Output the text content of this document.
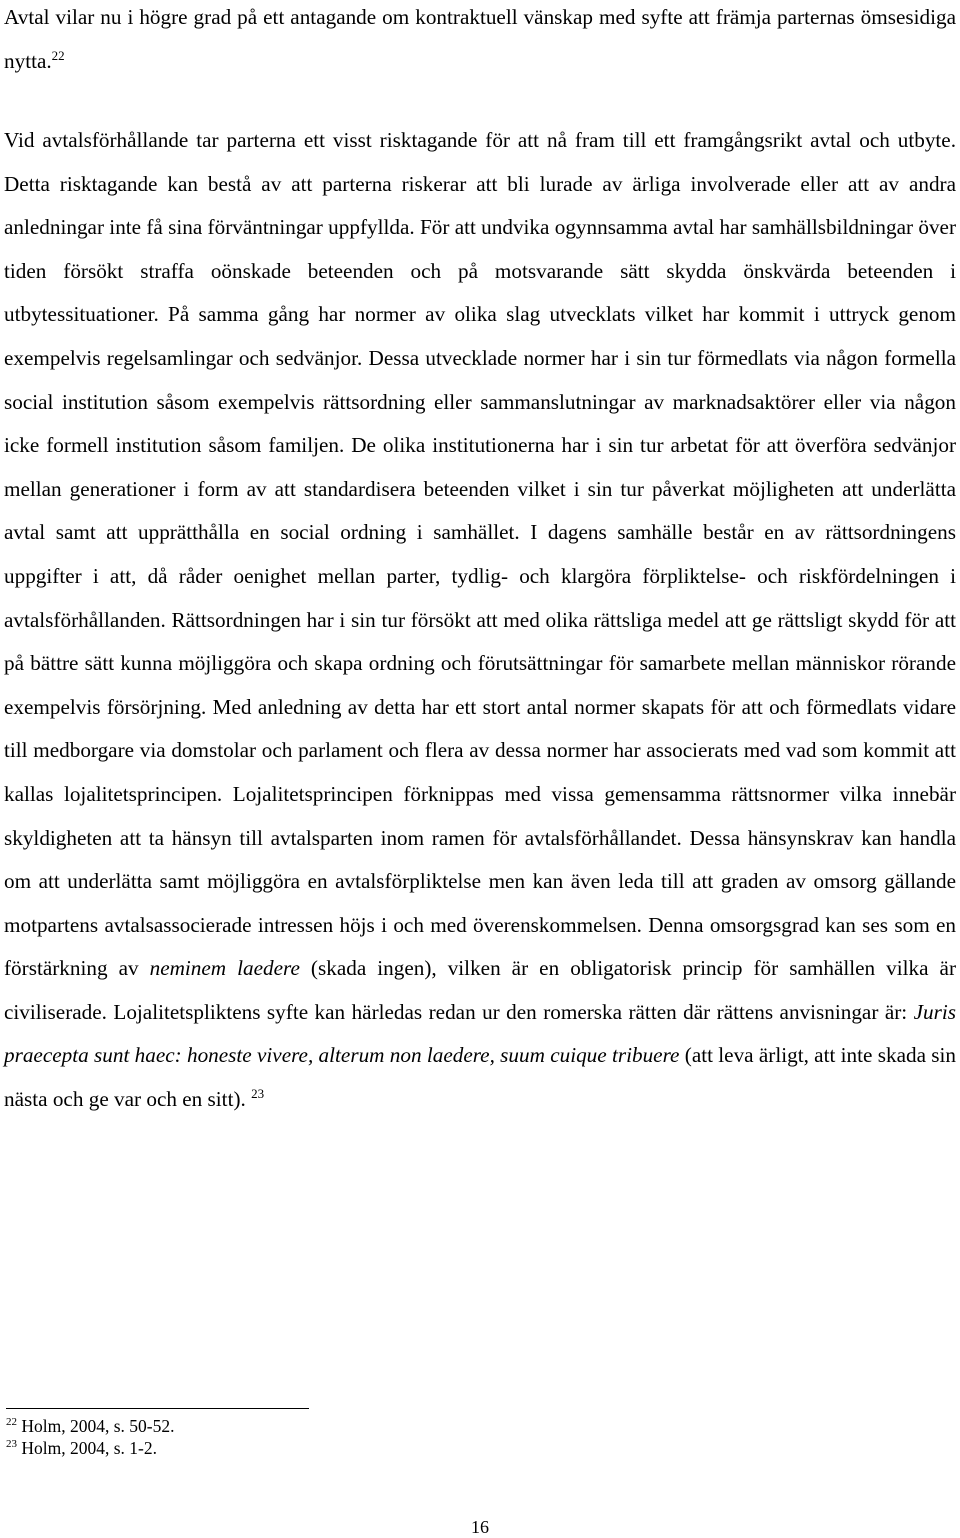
Avtal vilar nu i högre grad på ett antagande om kontraktuell vänskap med syfte att främja parternas ömsesidiga nytta.$^{22}$

Vid avtalsförhållande tar parterna ett visst risktagande för att nå fram till ett framgångsrikt avtal och utbyte. Detta risktagande kan bestå av att parterna riskerar att bli lurade av ärliga involverade eller att av andra anledningar inte få sina förväntningar uppfyllda. För att undvika ogynnsamma avtal har samhällsbildningar över tiden försökt straffa oönskade beteenden och på motsvarande sätt skydda önskvärda beteenden i utbytessituationer. På samma gång har normer av olika slag utvecklats vilket har kommit i uttryck genom exempelvis regelsamlingar och sedvänjor. Dessa utvecklade normer har i sin tur förmedlats via någon formella social institution såsom exempelvis rättsordning eller sammanslutningar av marknadsaktörer eller via någon icke formell institution såsom familjen. De olika institutionerna har i sin tur arbetat för att överföra sedvänjor mellan generationer i form av att standardisera beteenden vilket i sin tur påverkat möjligheten att underlätta avtal samt att upprätthålla en social ordning i samhället. I dagens samhälle består en av rättsordningens uppgifter i att, då råder oenighet mellan parter, tydlig- och klargöra förpliktelse- och riskfördelningen i avtalsförhållanden. Rättsordningen har i sin tur försökt att med olika rättsliga medel att ge rättsligt skydd för att på bättre sätt kunna möjliggöra och skapa ordning och förutsättningar för samarbete mellan människor rörande exempelvis försörjning. Med anledning av detta har ett stort antal normer skapats för att och förmedlats vidare till medborgare via domstolar och parlament och flera av dessa normer har associerats med vad som kommit att kallas lojalitetsprincipen. Lojalitetsprincipen förknippas med vissa gemensamma rättsnormer vilka innebär skyldigheten att ta hänsyn till avtalsparten inom ramen för avtalsförhållandet. Dessa hänsynskrav kan handla om att underlätta samt möjliggöra en avtalsförpliktelse men kan även leda till att graden av omsorg gällande motpartens avtalsassocierade intressen höjs i och med överenskommelsen. Denna omsorgsgrad kan ses som en förstärkning av neminem laedere (skada ingen), vilken är en obligatorisk princip för samhällen vilka är civiliserade. Lojalitetspliktens syfte kan härledas redan ur den romerska rätten där rättens anvisningar är: Juris praecepta sunt haec: honeste vivere, alterum non laedere, suum cuique tribuere (att leva ärligt, att inte skada sin nästa och ge var och en sitt). $^{23}$

$^{22}$ Holm, 2004, s. 50-52.

$^{23}$ Holm, 2004, s. 1-2.

16
